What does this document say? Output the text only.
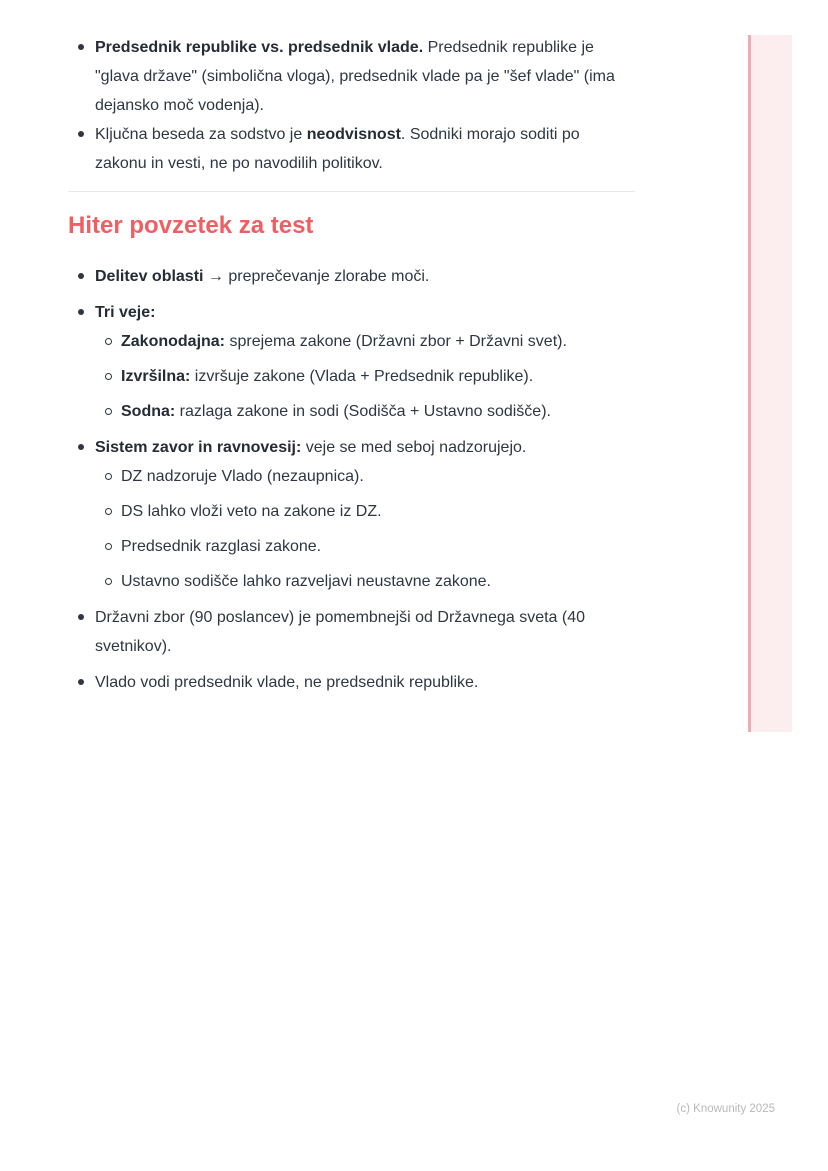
Predsednik republike vs. predsednik vlade. Predsednik republike je "glava države" (simbolična vloga), predsednik vlade pa je "šef vlade" (ima dejansko moč vodenja).
Ključna beseda za sodstvo je neodvisnost. Sodniki morajo soditi po zakonu in vesti, ne po navodilih politikov.
Hiter povzetek za test
Delitev oblasti → preprečevanje zlorabe moči.
Tri veje:
Zakonodajna: sprejema zakone (Državni zbor + Državni svet).
Izvršilna: izvršuje zakone (Vlada + Predsednik republike).
Sodna: razlaga zakone in sodi (Sodišča + Ustavno sodišče).
Sistem zavor in ravnovesij: veje se med seboj nadzorujejo.
DZ nadzoruje Vlado (nezaupnica).
DS lahko vloži veto na zakone iz DZ.
Predsednik razglasi zakone.
Ustavno sodišče lahko razveljavi neustavne zakone.
Državni zbor (90 poslancev) je pomembnejši od Državnega sveta (40 svetnikov).
Vlado vodi predsednik vlade, ne predsednik republike.
(c) Knowunity 2025
